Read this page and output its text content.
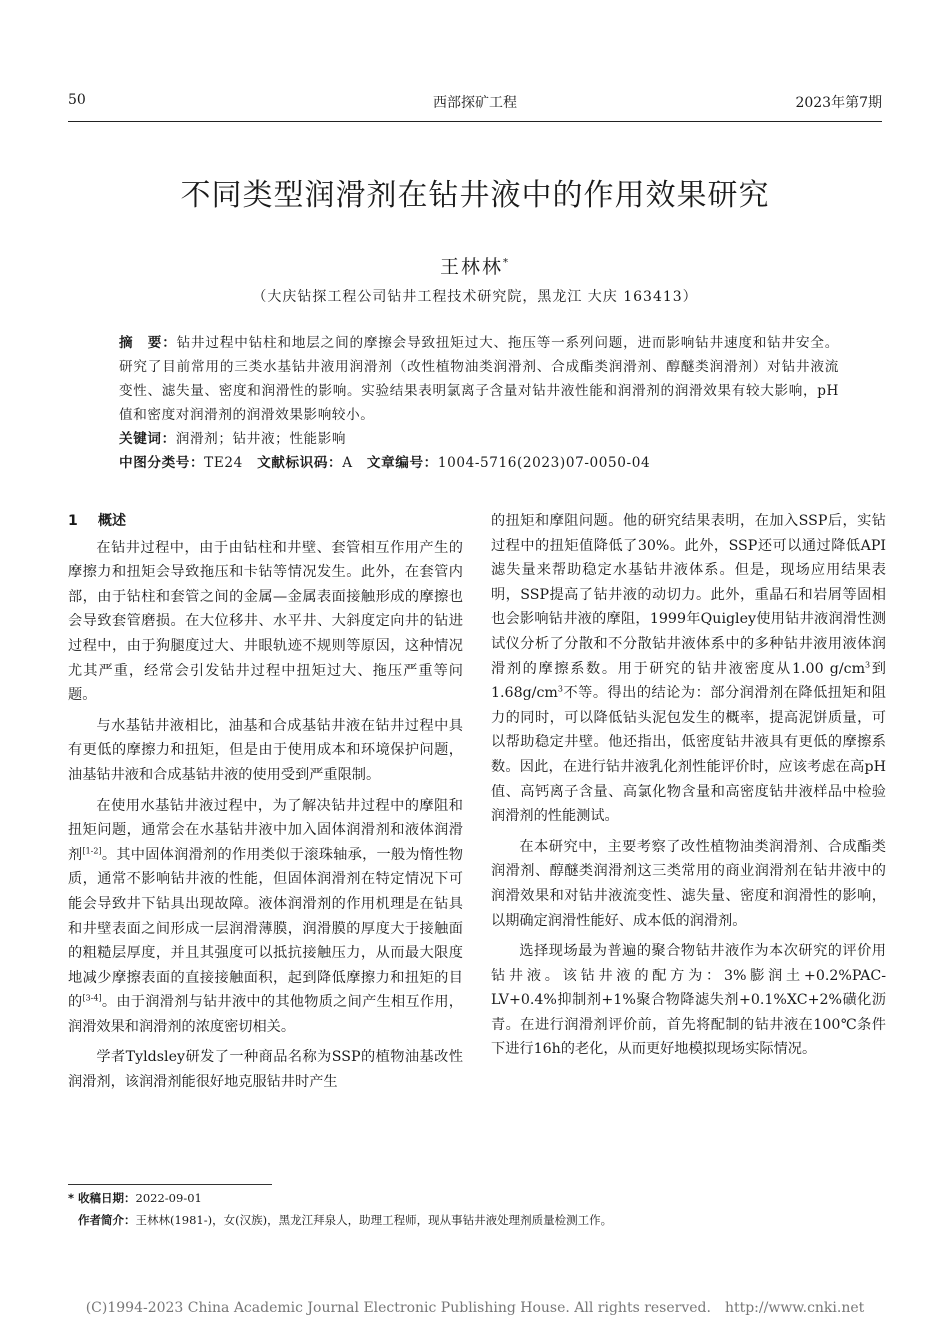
50	西部探矿工程	2023年第7期
不同类型润滑剂在钻井液中的作用效果研究
王林林*
（大庆钻探工程公司钻井工程技术研究院，黑龙江 大庆 163413）

摘　要：钻井过程中钻柱和地层之间的摩擦会导致扭矩过大、拖压等一系列问题，进而影响钻井速度和钻井安全。研究了目前常用的三类水基钻井液用润滑剂（改性植物油类润滑剂、合成酯类润滑剂、醇醚类润滑剂）对钻井液流变性、滤失量、密度和润滑性的影响。实验结果表明氯离子含量对钻井液性能和润滑剂的润滑效果有较大影响，pH值和密度对润滑剂的润滑效果影响较小。

关键词：润滑剂；钻井液；性能影响

中图分类号：TE24　 文献标识码：A　 文章编号：1004-5716(2023)07-0050-04

1 概述

在钻井过程中，由于由钻柱和井壁、套管相互作用产生的摩擦力和扭矩会导致拖压和卡钻等情况发生。此外，在套管内部，由于钻柱和套管之间的金属—金属表面接触形成的摩擦也会导致套管磨损。在大位移井、水平井、大斜度定向井的钻进过程中，由于狗腿度过大、井眼轨迹不规则等原因，这种情况尤其严重，经常会引发钻井过程中扭矩过大、拖压严重等问题。

与水基钻井液相比，油基和合成基钻井液在钻井过程中具有更低的摩擦力和扭矩，但是由于使用成本和环境保护问题，油基钻井液和合成基钻井液的使用受到严重限制。

在使用水基钻井液过程中，为了解决钻井过程中的摩阻和扭矩问题，通常会在水基钻井液中加入固体润滑剂和液体润滑剂[1-2]。其中固体润滑剂的作用类似于滚珠轴承，一般为惰性物质，通常不影响钻井液的性能，但固体润滑剂在特定情况下可能会导致井下钻具出现故障。液体润滑剂的作用机理是在钻具和井壁表面之间形成一层润滑薄膜，润滑膜的厚度大于接触面的粗糙层厚度，并且其强度可以抵抗接触压力，从而最大限度地减少摩擦表面的直接接触面积，起到降低摩擦力和扭矩的目的[3-4]。由于润滑剂与钻井液中的其他物质之间产生相互作用，润滑效果和润滑剂的浓度密切相关。

学者Tyldsley研发了一种商品名称为SSP的植物油基改性润滑剂，该润滑剂能很好地克服钻井时产生

的扭矩和摩阻问题。他的研究结果表明，在加入SSP后，实钻过程中的扭矩值降低了30%。此外，SSP还可以通过降低API滤失量来帮助稳定水基钻井液体系。但是，现场应用结果表明，SSP提高了钻井液的动切力。此外，重晶石和岩屑等固相也会影响钻井液的摩阻，1999年Quigley使用钻井液润滑性测试仪分析了分散和不分散钻井液体系中的多种钻井液用液体润滑剂的摩擦系数。用于研究的钻井液密度从1.00 $g/cm^3$到$1.68g/cm^3$不等。得出的结论为：部分润滑剂在降低扭矩和阻力的同时，可以降低钻头泥包发生的概率，提高泥饼质量，可以帮助稳定井壁。他还指出，低密度钻井液具有更低的摩擦系数。因此，在进行钻井液乳化剂性能评价时，应该考虑在高pH值、高钙离子含量、高氯化物含量和高密度钻井液样品中检验润滑剂的性能测试。

在本研究中，主要考察了改性植物油类润滑剂、合成酯类润滑剂、醇醚类润滑剂这三类常用的商业润滑剂在钻井液中的润滑效果和对钻井液流变性、滤失量、密度和润滑性的影响，以期确定润滑性能好、成本低的润滑剂。

选择现场最为普遍的聚合物钻井液作为本次研究的评价用钻井液。该钻井液的配方为：3%膨润土+0.2%PAC-LV+0.4%抑制剂+1%聚合物降滤失剂+0.1%XC+2%磺化沥青。在进行润滑剂评价前，首先将配制的钻井液在100℃条件下进行16h的老化，从而更好地模拟现场实际情况。

* 收稿日期：2022-09-01
作者简介：王林林(1981-)，女(汉族)，黑龙江拜泉人，助理工程师，现从事钻井液处理剂质量检测工作。
(C)1994-2023 China Academic Journal Electronic Publishing House. All rights reserved.　http://www.cnki.net
